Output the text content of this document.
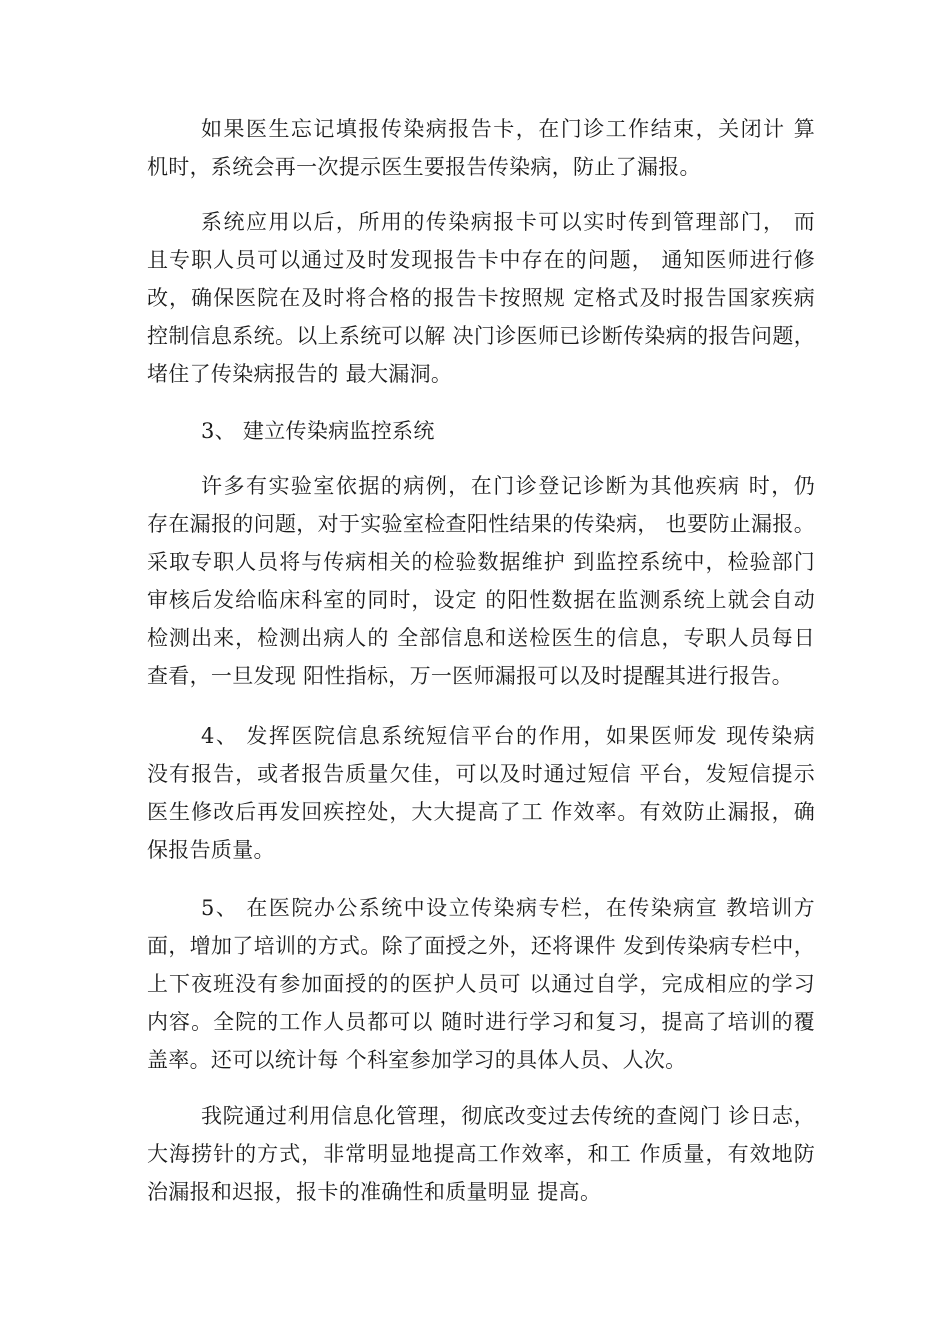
如果医生忘记填报传染病报告卡，在门诊工作结束，关闭计 算
机时，系统会再一次提示医生要报告传染病，防止了漏报。
系统应用以后，所用的传染病报卡可以实时传到管理部门， 而
且专职人员可以通过及时发现报告卡中存在的问题， 通知医师进行修
改，确保医院在及时将合格的报告卡按照规 定格式及时报告国家疾病
控制信息系统。以上系统可以解 决门诊医师已诊断传染病的报告问题，
堵住了传染病报告的 最大漏洞。
3、 建立传染病监控系统
许多有实验室依据的病例，在门诊登记诊断为其他疾病 时，仍
存在漏报的问题，对于实验室检查阳性结果的传染病， 也要防止漏报。
采取专职人员将与传病相关的检验数据维护 到监控系统中，检验部门
审核后发给临床科室的同时，设定 的阳性数据在监测系统上就会自动
检测出来，检测出病人的 全部信息和送检医生的信息，专职人员每日
查看，一旦发现 阳性指标，万一医师漏报可以及时提醒其进行报告。
4、 发挥医院信息系统短信平台的作用，如果医师发 现传染病
没有报告，或者报告质量欠佳，可以及时通过短信 平台，发短信提示
医生修改后再发回疾控处，大大提高了工 作效率。有效防止漏报，确
保报告质量。
5、 在医院办公系统中设立传染病专栏，在传染病宣 教培训方
面，增加了培训的方式。除了面授之外，还将课件 发到传染病专栏中，
上下夜班没有参加面授的的医护人员可 以通过自学，完成相应的学习
内容。全院的工作人员都可以 随时进行学习和复习，提高了培训的覆
盖率。还可以统计每 个科室参加学习的具体人员、人次。
我院通过利用信息化管理，彻底改变过去传统的查阅门 诊日志，
大海捞针的方式，非常明显地提高工作效率，和工 作质量，有效地防
治漏报和迟报，报卡的准确性和质量明显 提高。
